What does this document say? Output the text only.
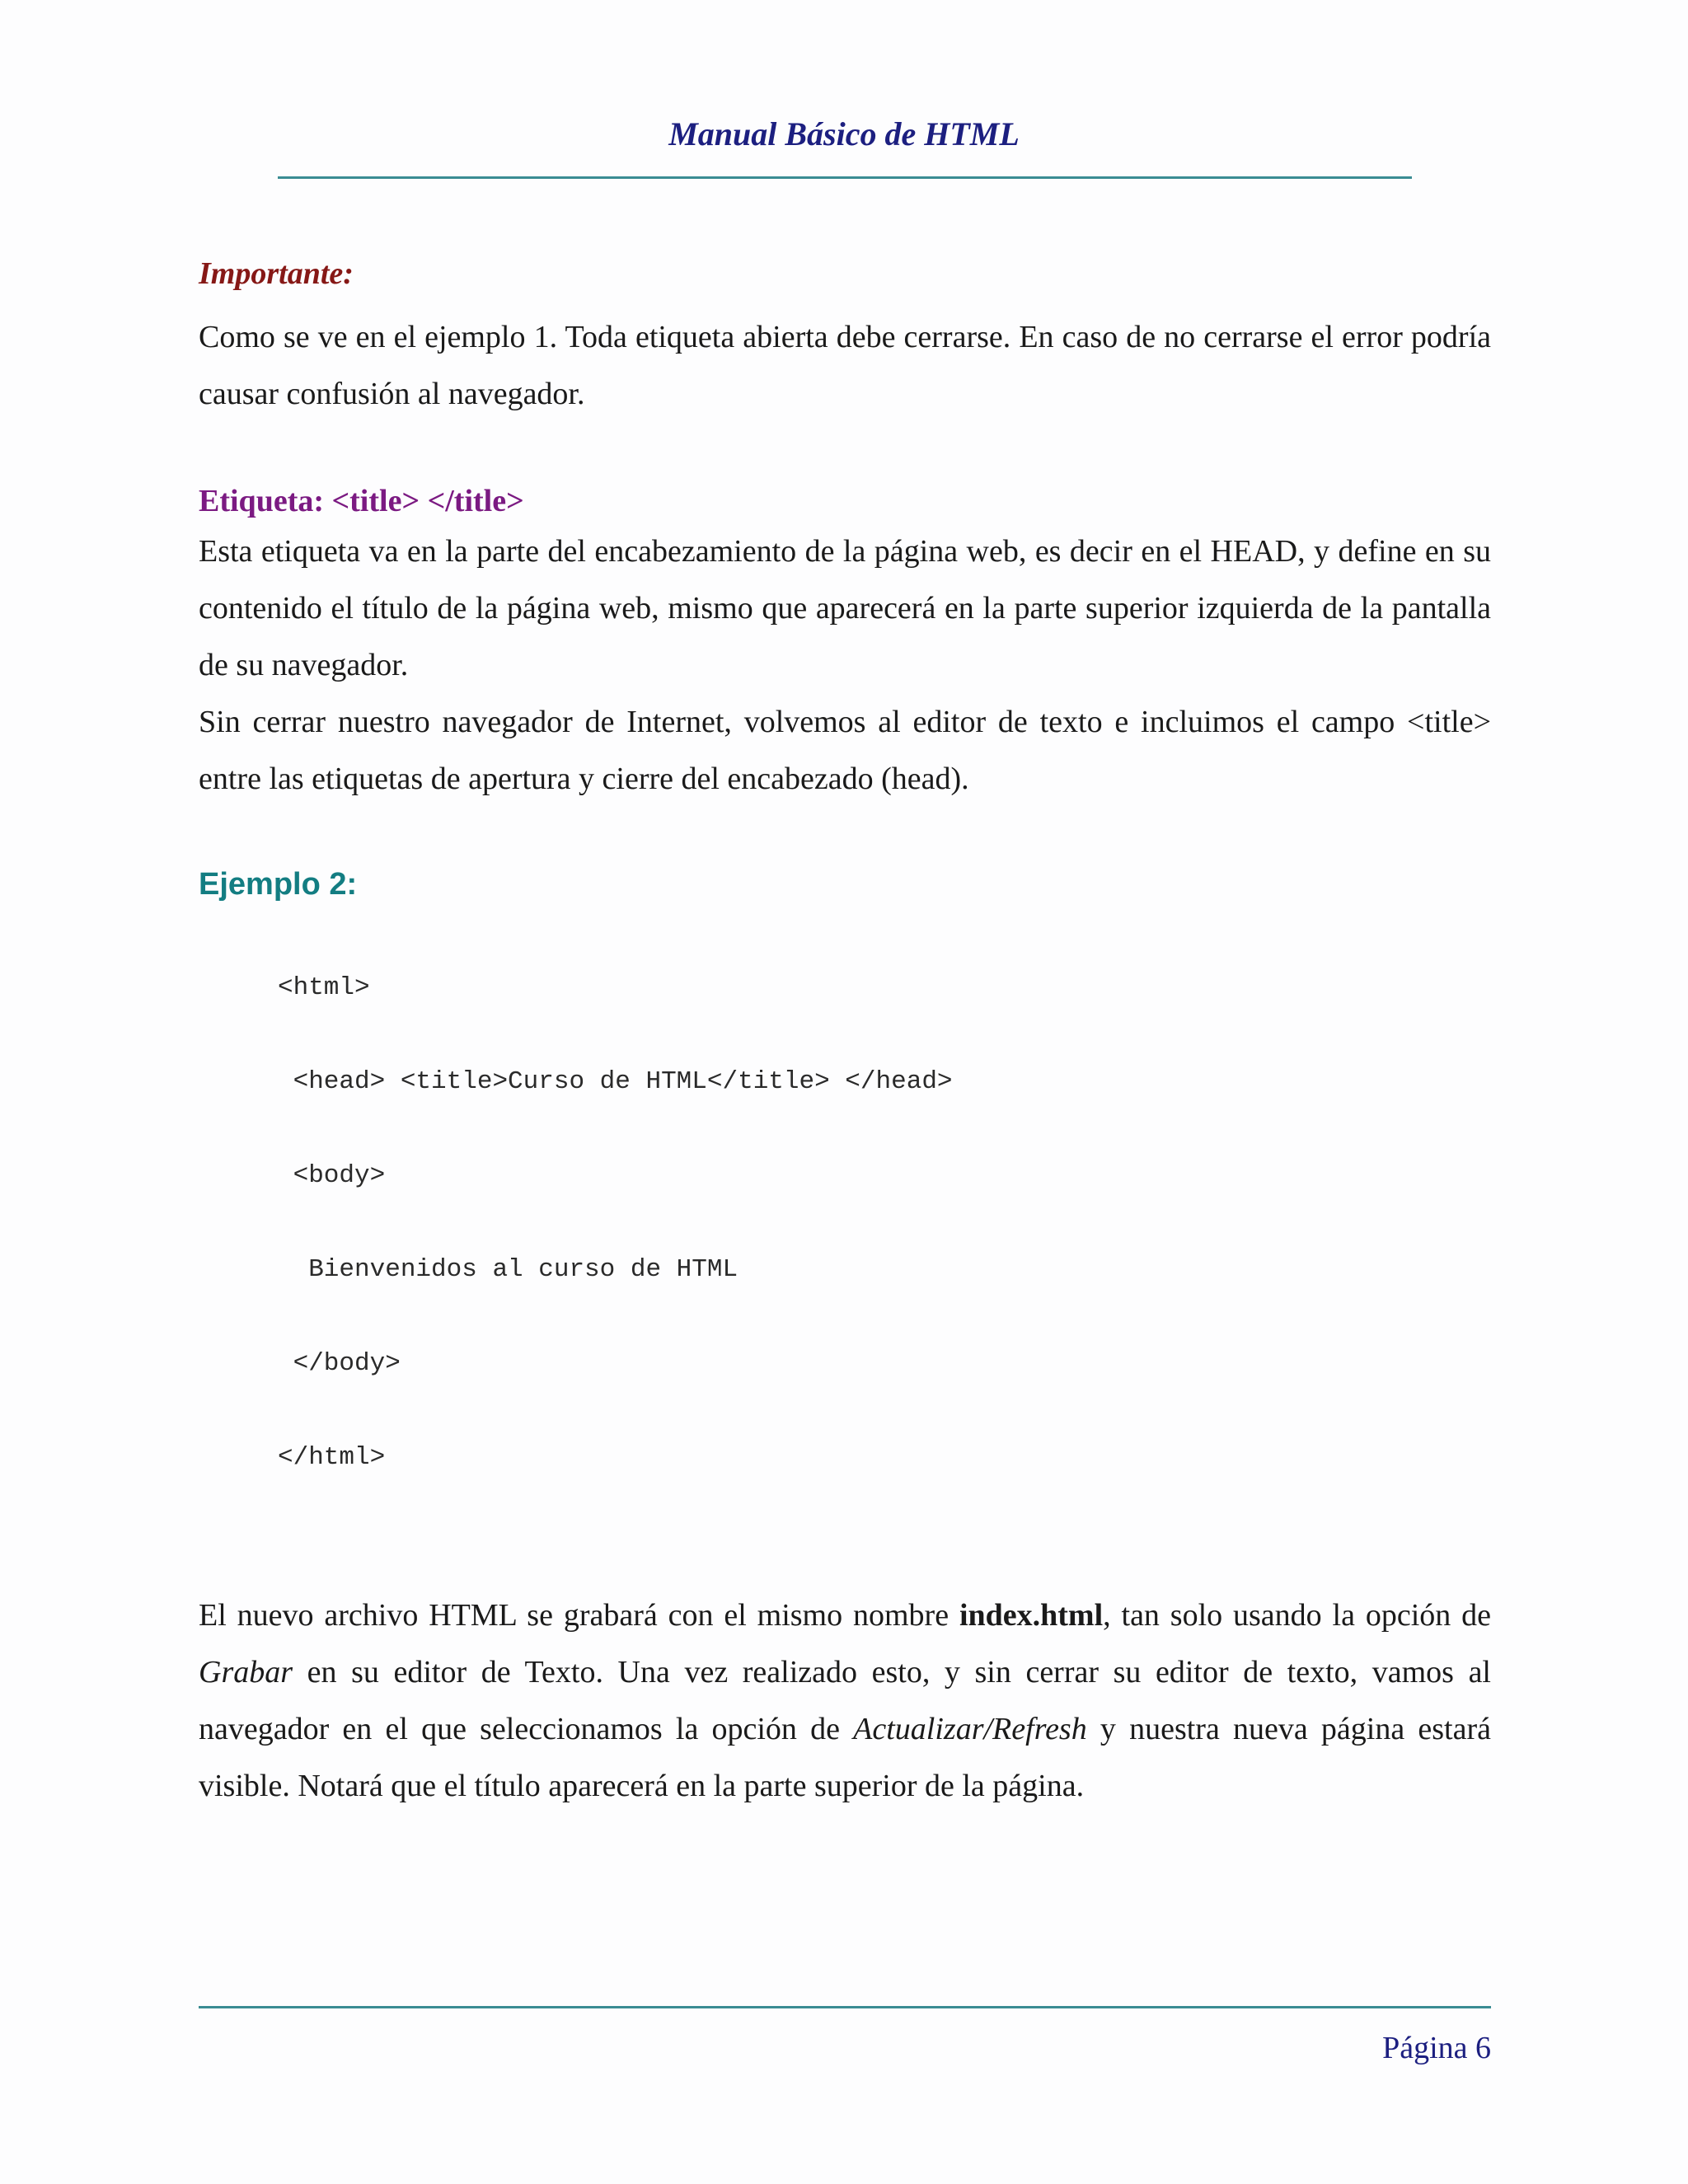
Manual Básico de HTML

Importante:

Como se ve en el ejemplo 1. Toda etiqueta abierta debe cerrarse. En caso de no cerrarse el error podría causar confusión al navegador.

Etiqueta: <title> </title>

Esta etiqueta va en la parte del encabezamiento de la página web, es decir en el HEAD, y define en su contenido el título de la página web, mismo que aparecerá en la parte superior izquierda de la pantalla de su navegador.

Sin cerrar nuestro navegador de Internet, volvemos al editor de texto e incluimos el campo <title> entre las etiquetas de apertura y cierre del encabezado (head).

Ejemplo 2:

<html>

<head> <title>Curso de HTML</title> </head>

<body>

Bienvenidos al curso de HTML

</body>

</html>

El nuevo archivo HTML se grabará con el mismo nombre index.html, tan solo usando la opción de Grabar en su editor de Texto. Una vez realizado esto, y sin cerrar su editor de texto, vamos al navegador en el que seleccionamos la opción de Actualizar/Refresh y nuestra nueva página estará visible. Notará que el título aparecerá en la parte superior de la página.

Página 6
